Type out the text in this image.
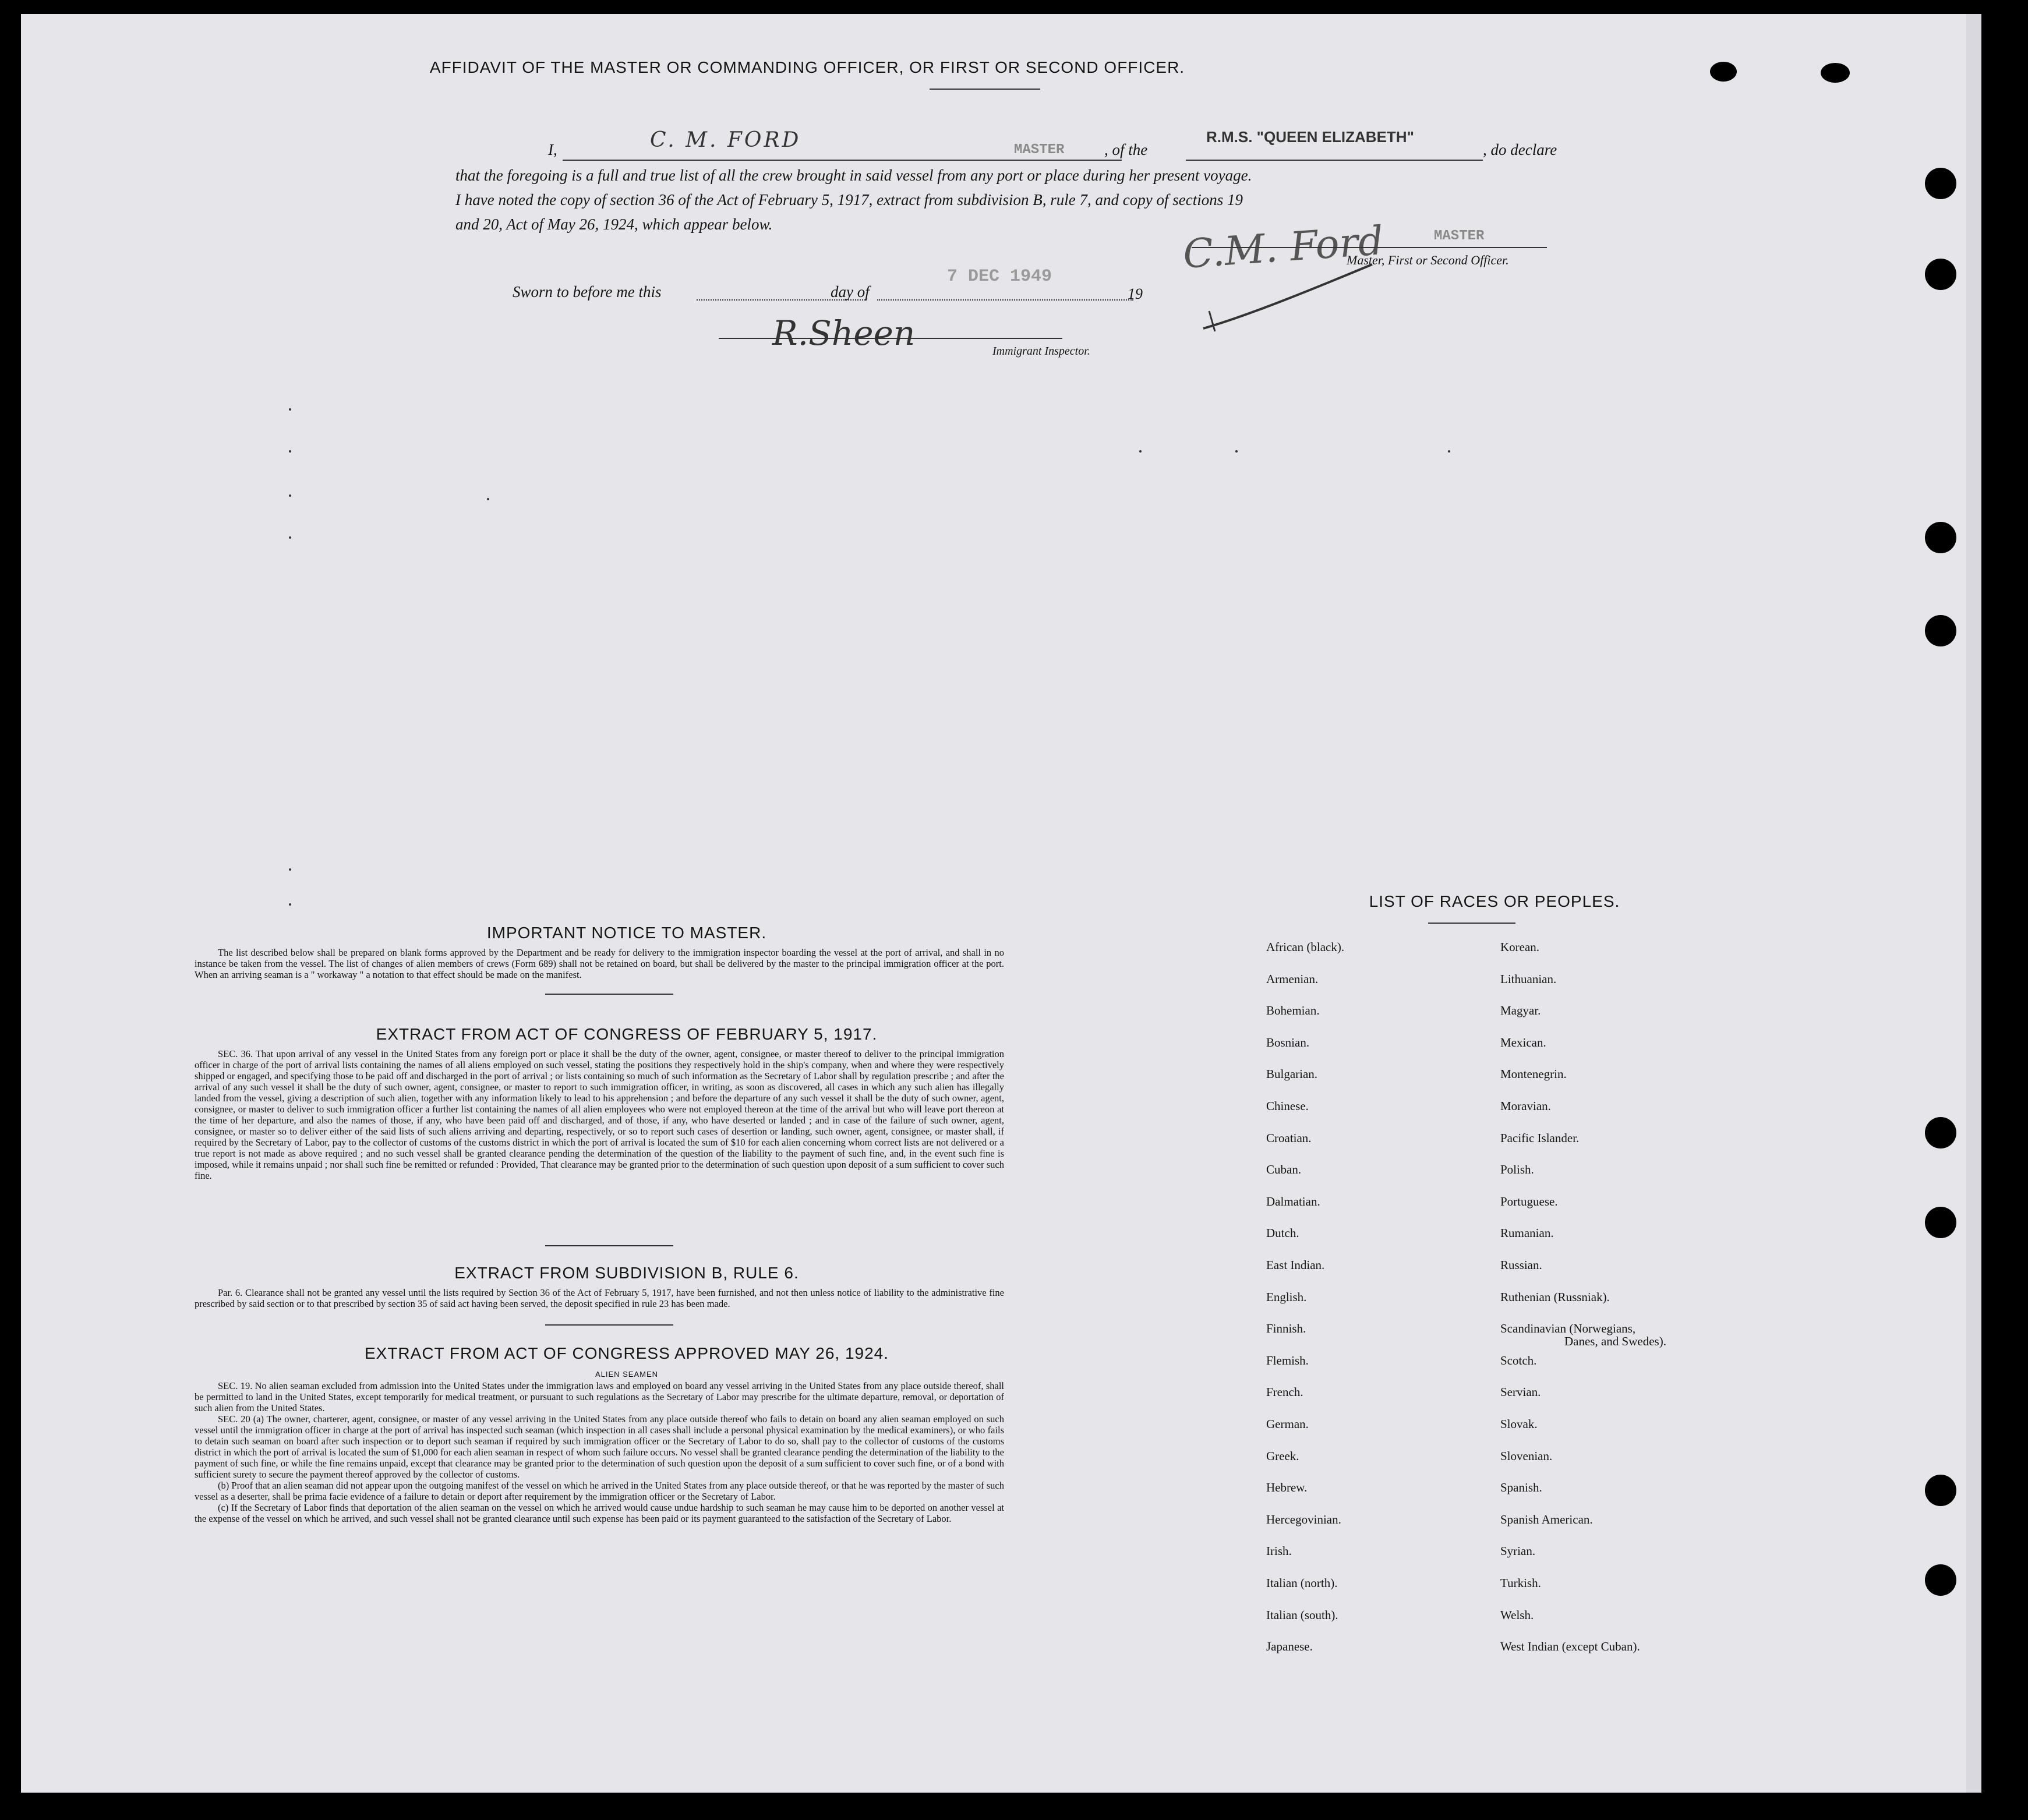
AFFIDAVIT OF THE MASTER OR COMMANDING OFFICER, OR FIRST OR SECOND OFFICER.
I,	C. M. FORD	MASTER	, of the
R.M.S. "QUEEN ELIZABETH"
, do declare
that the foregoing is a full and true list of all the crew brought in said vessel from any port or place during her present voyage.
I have noted the copy of section 36 of the Act of February 5, 1917, extract from subdivision B, rule 7, and copy of sections 19
and 20, Act of May 26, 1924, which appear below.	C.M. Ford	MASTER
Master, First or Second Officer.
Sworn to before me this	day of
7 DEC 1949
19
R.Sheen	Immigrant Inspector.
IMPORTANT NOTICE TO MASTER.
The list described below shall be prepared on blank forms approved by the Department and be ready for delivery to the immigration inspector boarding the vessel at the port of arrival, and shall in no instance be taken from the vessel. The list of changes of alien members of crews (Form 689) shall not be retained on board, but shall be delivered by the master to the principal immigration officer at the port. When an arriving seaman is a " workaway " a notation to that effect should be made on the manifest.
EXTRACT FROM ACT OF CONGRESS OF FEBRUARY 5, 1917.
SEC. 36. That upon arrival of any vessel in the United States from any foreign port or place it shall be the duty of the owner, agent, consignee, or master thereof to deliver to the principal immigration officer in charge of the port of arrival lists containing the names of all aliens employed on such vessel, stating the positions they respectively hold in the ship's company, when and where they were respectively shipped or engaged, and specifying those to be paid off and discharged in the port of arrival ; or lists containing so much of such information as the Secretary of Labor shall by regulation prescribe ; and after the arrival of any such vessel it shall be the duty of such owner, agent, consignee, or master to report to such immigration officer, in writing, as soon as discovered, all cases in which any such alien has illegally landed from the vessel, giving a description of such alien, together with any information likely to lead to his apprehension ; and before the departure of any such vessel it shall be the duty of such owner, agent, consignee, or master to deliver to such immigration officer a further list containing the names of all alien employees who were not employed thereon at the time of the arrival but who will leave port thereon at the time of her departure, and also the names of those, if any, who have been paid off and discharged, and of those, if any, who have deserted or landed ; and in case of the failure of such owner, agent, consignee, or master so to deliver either of the said lists of such aliens arriving and departing, respectively, or so to report such cases of desertion or landing, such owner, agent, consignee, or master shall, if required by the Secretary of Labor, pay to the collector of customs of the customs district in which the port of arrival is located the sum of $10 for each alien concerning whom correct lists are not delivered or a true report is not made as above required ; and no such vessel shall be granted clearance pending the determination of the question of the liability to the payment of such fine, and, in the event such fine is imposed, while it remains unpaid ; nor shall such fine be remitted or refunded : Provided, That clearance may be granted prior to the determination of such question upon deposit of a sum sufficient to cover such fine.
EXTRACT FROM SUBDIVISION B, RULE 6.
Par. 6. Clearance shall not be granted any vessel until the lists required by Section 36 of the Act of February 5, 1917, have been furnished, and not then unless notice of liability to the administrative fine prescribed by said section or to that prescribed by section 35 of said act having been served, the deposit specified in rule 23 has been made.
EXTRACT FROM ACT OF CONGRESS APPROVED MAY 26, 1924.
ALIEN SEAMEN
SEC. 19. No alien seaman excluded from admission into the United States under the immigration laws and employed on board any vessel arriving in the United States from any place outside thereof, shall be permitted to land in the United States, except temporarily for medical treatment, or pursuant to such regulations as the Secretary of Labor may prescribe for the ultimate departure, removal, or deportation of such alien from the United States.
SEC. 20 (a) The owner, charterer, agent, consignee, or master of any vessel arriving in the United States from any place outside thereof who fails to detain on board any alien seaman employed on such vessel until the immigration officer in charge at the port of arrival has inspected such seaman (which inspection in all cases shall include a personal physical examination by the medical examiners), or who fails to detain such seaman on board after such inspection or to deport such seaman if required by such immigration officer or the Secretary of Labor to do so, shall pay to the collector of customs of the customs district in which the port of arrival is located the sum of $1,000 for each alien seaman in respect of whom such failure occurs. No vessel shall be granted clearance pending the determination of the liability to the payment of such fine, or while the fine remains unpaid, except that clearance may be granted prior to the determination of such question upon the deposit of a sum sufficient to cover such fine, or of a bond with sufficient surety to secure the payment thereof approved by the collector of customs.
(b) Proof that an alien seaman did not appear upon the outgoing manifest of the vessel on which he arrived in the United States from any place outside thereof, or that he was reported by the master of such vessel as a deserter, shall be prima facie evidence of a failure to detain or deport after requirement by the immigration officer or the Secretary of Labor.
(c) If the Secretary of Labor finds that deportation of the alien seaman on the vessel on which he arrived would cause undue hardship to such seaman he may cause him to be deported on another vessel at the expense of the vessel on which he arrived, and such vessel shall not be granted clearance until such expense has been paid or its payment guaranteed to the satisfaction of the Secretary of Labor.
LIST OF RACES OR PEOPLES.
African (black).
Armenian.
Bohemian.
Bosnian.
Bulgarian.
Chinese.
Croatian.
Cuban.
Dalmatian.
Dutch.
East Indian.
English.
Finnish.
Flemish.
French.
German.
Greek.
Hebrew.
Hercegovinian.
Irish.
Italian (north).
Italian (south).
Japanese.
Korean.
Lithuanian.
Magyar.
Mexican.
Montenegrin.
Moravian.
Pacific Islander.
Polish.
Portuguese.
Rumanian.
Russian.
Ruthenian (Russniak).
Scandinavian (Norwegians,
Scotch.
Servian.
Slovak.
Slovenian.
Spanish.
Spanish American.
Syrian.
Turkish.
Welsh.
West Indian (except Cuban).
Danes, and Swedes).
